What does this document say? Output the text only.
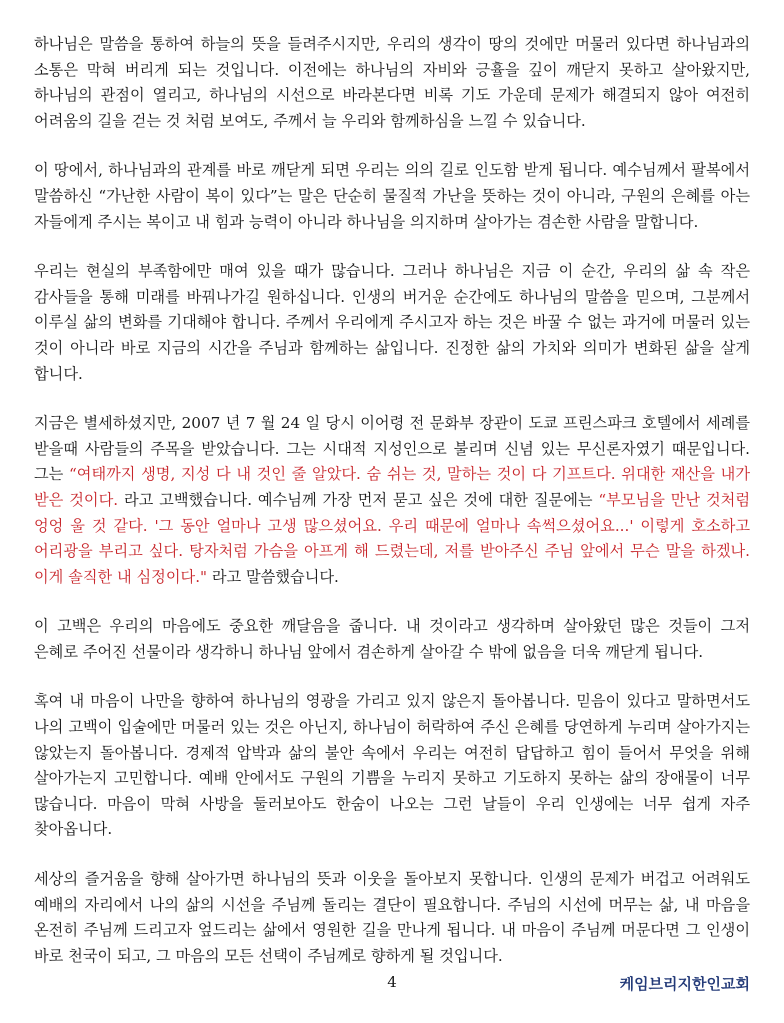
하나님은 말씀을 통하여 하늘의 뜻을 들려주시지만, 우리의 생각이 땅의 것에만 머물러 있다면 하나님과의 소통은 막혀 버리게 되는 것입니다. 이전에는 하나님의 자비와 긍휼을 깊이 깨닫지 못하고 살아왔지만, 하나님의 관점이 열리고, 하나님의 시선으로 바라본다면 비록 기도 가운데 문제가 해결되지 않아 여전히 어려움의 길을 걷는 것 처럼 보여도, 주께서 늘 우리와 함께하심을 느낄 수 있습니다.

이 땅에서, 하나님과의 관계를 바로 깨닫게 되면 우리는 의의 길로 인도함 받게 됩니다. 예수님께서 팔복에서 말씀하신 “가난한 사람이 복이 있다”는 말은 단순히 물질적 가난을 뜻하는 것이 아니라, 구원의 은혜를 아는 자들에게 주시는 복이고 내 힘과 능력이 아니라 하나님을 의지하며 살아가는 겸손한 사람을 말합니다.

우리는 현실의 부족함에만 매여 있을 때가 많습니다. 그러나 하나님은 지금 이 순간, 우리의 삶 속 작은 감사들을 통해 미래를 바꿔나가길 원하십니다. 인생의 버거운 순간에도 하나님의 말씀을 믿으며, 그분께서 이루실 삶의 변화를 기대해야 합니다. 주께서 우리에게 주시고자 하는 것은 바꿀 수 없는 과거에 머물러 있는 것이 아니라 바로 지금의 시간을 주님과 함께하는 삶입니다. 진정한 삶의 가치와 의미가 변화된 삶을 살게 합니다.

지금은 별세하셨지만, 2007 년 7 월 24 일 당시 이어령 전 문화부 장관이 도쿄 프린스파크 호텔에서 세례를 받을때 사람들의 주목을 받았습니다. 그는 시대적 지성인으로 불리며 신념 있는 무신론자였기 때문입니다. 그는 “여태까지 생명, 지성 다 내 것인 줄 알았다. 숨 쉬는 것, 말하는 것이 다 기프트다. 위대한 재산을 내가 받은 것이다. 라고 고백했습니다. 예수님께 가장 먼저 묻고 싶은 것에 대한 질문에는 “부모님을 만난 것처럼 엉엉 울 것 같다. '그 동안 얼마나 고생 많으셨어요. 우리 때문에 얼마나 속썩으셨어요...' 이렇게 호소하고 어리광을 부리고 싶다. 탕자처럼 가슴을 아프게 해 드렸는데, 저를 받아주신 주님 앞에서 무슨 말을 하겠나. 이게 솔직한 내 심정이다." 라고 말씀했습니다.

이 고백은 우리의 마음에도 중요한 깨달음을 줍니다. 내 것이라고 생각하며 살아왔던 많은 것들이 그저 은혜로 주어진 선물이라 생각하니 하나님 앞에서 겸손하게 살아갈 수 밖에 없음을 더욱 깨닫게 됩니다.

혹여 내 마음이 나만을 향하여 하나님의 영광을 가리고 있지 않은지 돌아봅니다. 믿음이 있다고 말하면서도 나의 고백이 입술에만 머물러 있는 것은 아닌지, 하나님이 허락하여 주신 은혜를 당연하게 누리며 살아가지는 않았는지 돌아봅니다. 경제적 압박과 삶의 불안 속에서 우리는 여전히 답답하고 힘이 들어서 무엇을 위해 살아가는지 고민합니다. 예배 안에서도 구원의 기쁨을 누리지 못하고 기도하지 못하는 삶의 장애물이 너무 많습니다. 마음이 막혀 사방을 둘러보아도 한숨이 나오는 그런 날들이 우리 인생에는 너무 쉽게 자주 찾아옵니다.

세상의 즐거움을 향해 살아가면 하나님의 뜻과 이웃을 돌아보지 못합니다. 인생의 문제가 버겁고 어려워도 예배의 자리에서 나의 삶의 시선을 주님께 돌리는 결단이 필요합니다. 주님의 시선에 머무는 삶, 내 마음을 온전히 주님께 드리고자 엎드리는 삶에서 영원한 길을 만나게 됩니다. 내 마음이 주님께 머문다면 그 인생이 바로 천국이 되고, 그 마음의 모든 선택이 주님께로 향하게 될 것입니다.

4	케임브리지한인교회
